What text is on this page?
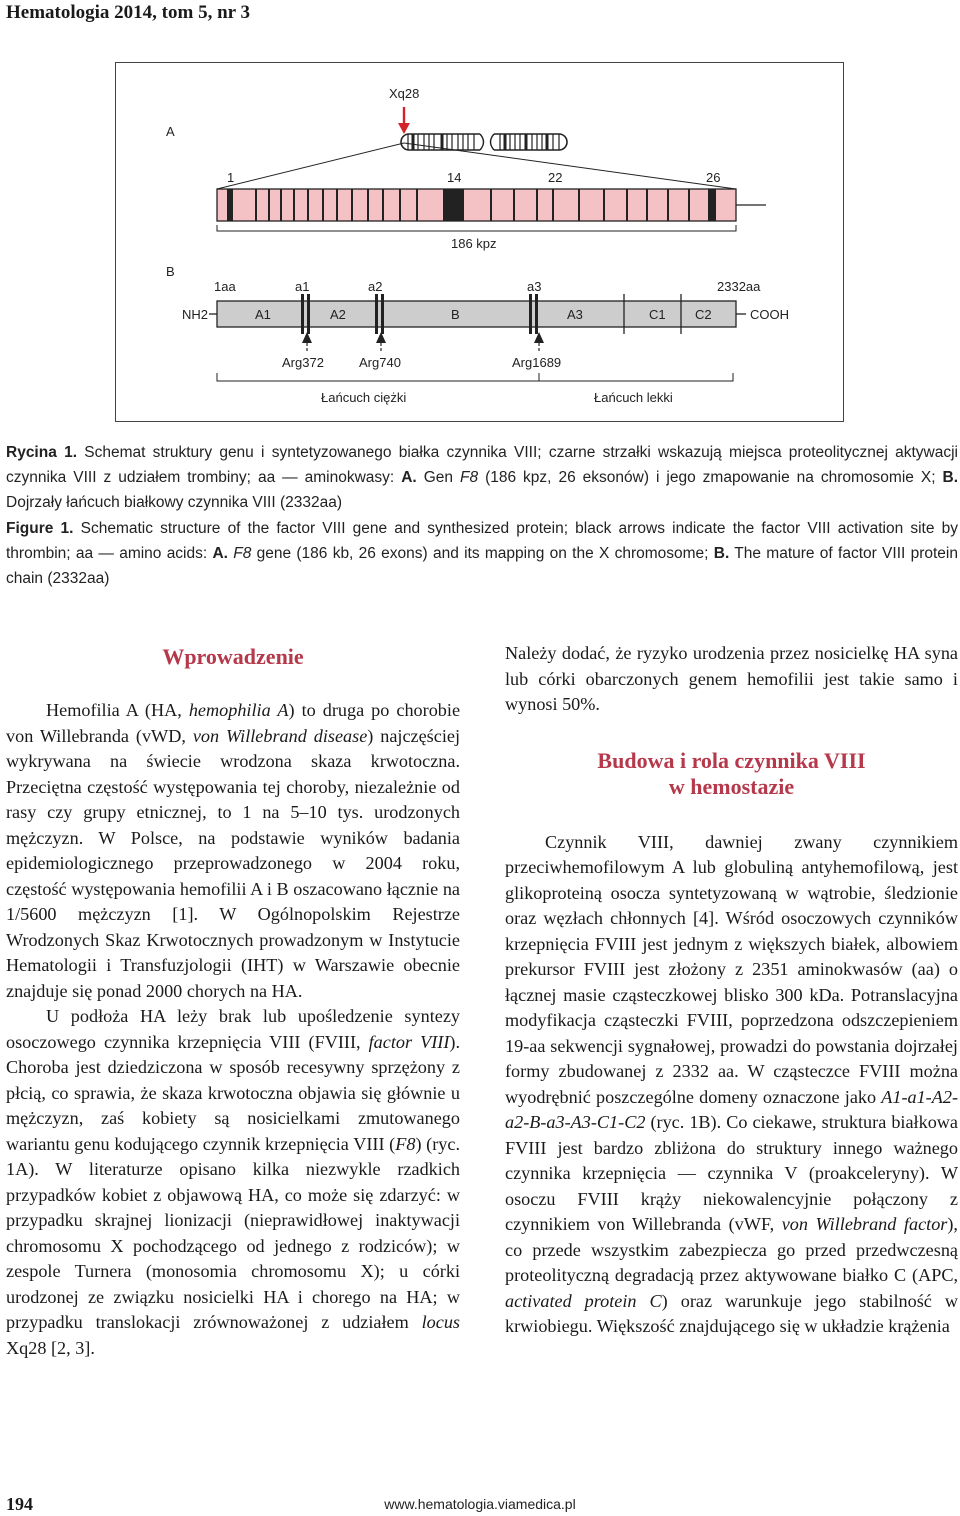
Hematologia 2014, tom 5, nr 3
A
B
Xq28
1	14	22	26
186 kpz
1aa	a1	a2	a3	2332aa
NH2	COOH
A1	A2	B	A3	C1 C2
Arg372	Arg740	Arg1689
Łańcuch ciężki	Łańcuch lekki
Rycina 1. Schemat struktury genu i syntetyzowanego białka czynnika VIII; czarne strzałki wskazują miejsca proteolitycznej aktywacji czynnika VIII z udziałem trombiny; aa — aminokwasy: A. Gen F8 (186 kpz, 26 eksonów) i jego zmapowanie na chromosomie X; B. Dojrzały łańcuch białkowy czynnika VIII (2332aa)
Figure 1. Schematic structure of the factor VIII gene and synthesized protein; black arrows indicate the factor VIII activation site by thrombin; aa — amino acids: A. F8 gene (186 kb, 26 exons) and its mapping on the X chromosome; B. The mature of factor VIII protein chain (2332aa)
Wprowadzenie

Hemofilia A (HA, hemophilia A) to druga po chorobie von Willebranda (vWD, von Willebrand disease) najczęściej wykrywana na świecie wrodzona skaza krwotoczna. Przeciętna częstość występowania tej choroby, niezależnie od rasy czy grupy etnicznej, to 1 na 5–10 tys. urodzonych mężczyzn. W Polsce, na podstawie wyników badania epidemiologicznego przeprowadzonego w 2004 roku, częstość występowania hemofilii A i B oszacowano łącznie na 1/5600 mężczyzn [1]. W Ogólnopolskim Rejestrze Wrodzonych Skaz Krwotocznych prowadzonym w Instytucie Hematologii i Transfuzjologii (IHT) w Warszawie obecnie znajduje się ponad 2000 chorych na HA.

U podłoża HA leży brak lub upośledzenie syntezy osoczowego czynnika krzepnięcia VIII (FVIII, factor VIII). Choroba jest dziedziczona w sposób recesywny sprzężony z płcią, co sprawia, że skaza krwotoczna objawia się głównie u mężczyzn, zaś kobiety są nosicielkami zmutowanego wariantu genu kodującego czynnik krzepnięcia VIII (F8) (ryc. 1A). W literaturze opisano kilka niezwykle rzadkich przypadków kobiet z objawową HA, co może się zdarzyć: w przypadku skrajnej lionizacji (nieprawidłowej inaktywacji chromosomu X pochodzącego od jednego z rodziców); w zespole Turnera (monosomia chromosomu X); u córki urodzonej ze związku nosicielki HA i chorego na HA; w przypadku translokacji zrównoważonej z udziałem locus Xq28 [2, 3].

Należy dodać, że ryzyko urodzenia przez nosicielkę HA syna lub córki obarczonych genem hemofilii jest takie samo i wynosi 50%.

Budowa i rola czynnika VIII
w hemostazie

Czynnik VIII, dawniej zwany czynnikiem przeciwhemofilowym A lub globuliną antyhemofilową, jest glikoproteiną osocza syntetyzowaną w wątrobie, śledzionie oraz węzłach chłonnych [4]. Wśród osoczowych czynników krzepnięcia FVIII jest jednym z większych białek, albowiem prekursor FVIII jest złożony z 2351 aminokwasów (aa) o łącznej masie cząsteczkowej blisko 300 kDa. Potranslacyjna modyfikacja cząsteczki FVIII, poprzedzona odszczepieniem 19-aa sekwencji sygnałowej, prowadzi do powstania dojrzałej formy zbudowanej z 2332 aa. W cząsteczce FVIII można wyodrębnić poszczególne domeny oznaczone jako A1-a1-A2-a2-B-a3-A3-C1-C2 (ryc. 1B). Co ciekawe, struktura białkowa FVIII jest bardzo zbliżona do struktury innego ważnego czynnika krzepnięcia — czynnika V (proakceleryny). W osoczu FVIII krąży niekowalencyjnie połączony z czynnikiem von Willebranda (vWF, von Willebrand factor), co przede wszystkim zabezpiecza go przed przedwczesną proteolityczną degradacją przez aktywowane białko C (APC, activated protein C) oraz warunkuje jego stabilność w krwiobiegu. Większość znajdującego się w układzie krążenia

194	www.hematologia.viamedica.pl
